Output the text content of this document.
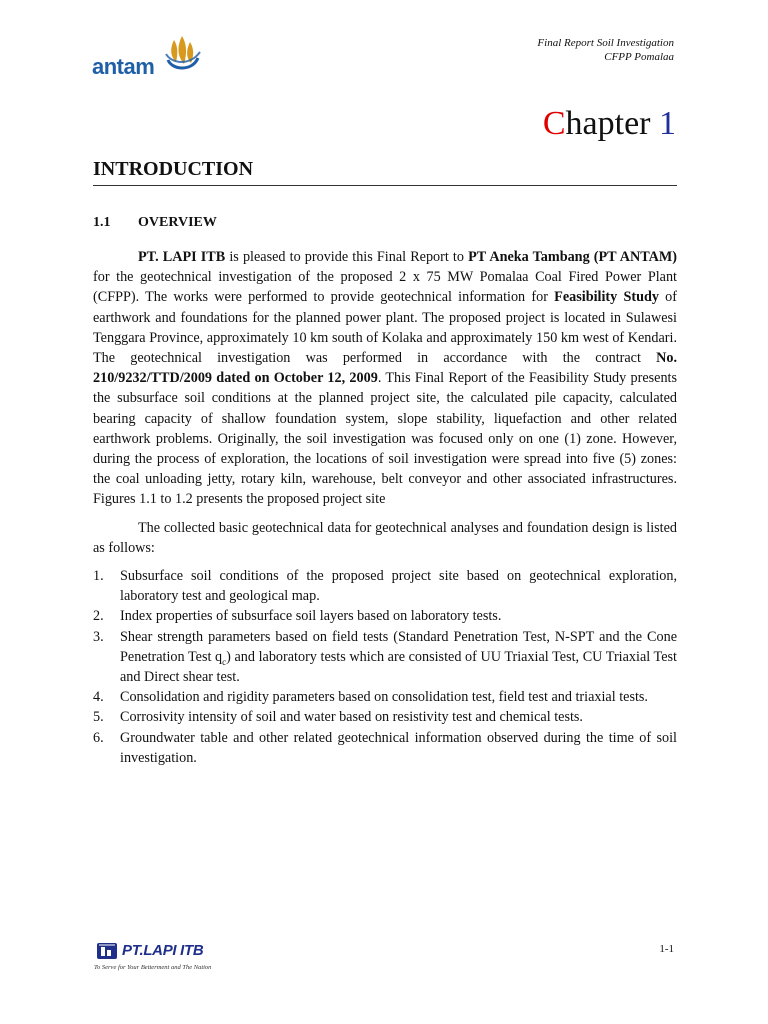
antam
Final Report Soil Investigation
CFPP Pomalaa
Chapter 1
INTRODUCTION
1.1 OVERVIEW

PT. LAPI ITB is pleased to provide this Final Report to PT Aneka Tambang (PT ANTAM) for the geotechnical investigation of the proposed 2 x 75 MW Pomalaa Coal Fired Power Plant (CFPP). The works were performed to provide geotechnical information for Feasibility Study of earthwork and foundations for the planned power plant. The proposed project is located in Sulawesi Tenggara Province, approximately 10 km south of Kolaka and approximately 150 km west of Kendari. The geotechnical investigation was performed in accordance with the contract No. 210/9232/TTD/2009 dated on October 12, 2009. This Final Report of the Feasibility Study presents the subsurface soil conditions at the planned project site, the calculated pile capacity, calculated bearing capacity of shallow foundation system, slope stability, liquefaction and other related earthwork problems. Originally, the soil investigation was focused only on one (1) zone. However, during the process of exploration, the locations of soil investigation were spread into five (5) zones: the coal unloading jetty, rotary kiln, warehouse, belt conveyor and other associated infrastructures. Figures 1.1 to 1.2 presents the proposed project site

The collected basic geotechnical data for geotechnical analyses and foundation design is listed as follows:

1. Subsurface soil conditions of the proposed project site based on geotechnical exploration, laboratory test and geological map.
2. Index properties of subsurface soil layers based on laboratory tests.
3. Shear strength parameters based on field tests (Standard Penetration Test, N-SPT and the Cone Penetration Test $q_c$) and laboratory tests which are consisted of UU Triaxial Test, CU Triaxial Test and Direct shear test.
4. Consolidation and rigidity parameters based on consolidation test, field test and triaxial tests.
5. Corrosivity intensity of soil and water based on resistivity test and chemical tests.
6. Groundwater table and other related geotechnical information observed during the time of soil investigation.
PT.LAPI ITB
To Serve for Your Betterment and The Nation
1-1
